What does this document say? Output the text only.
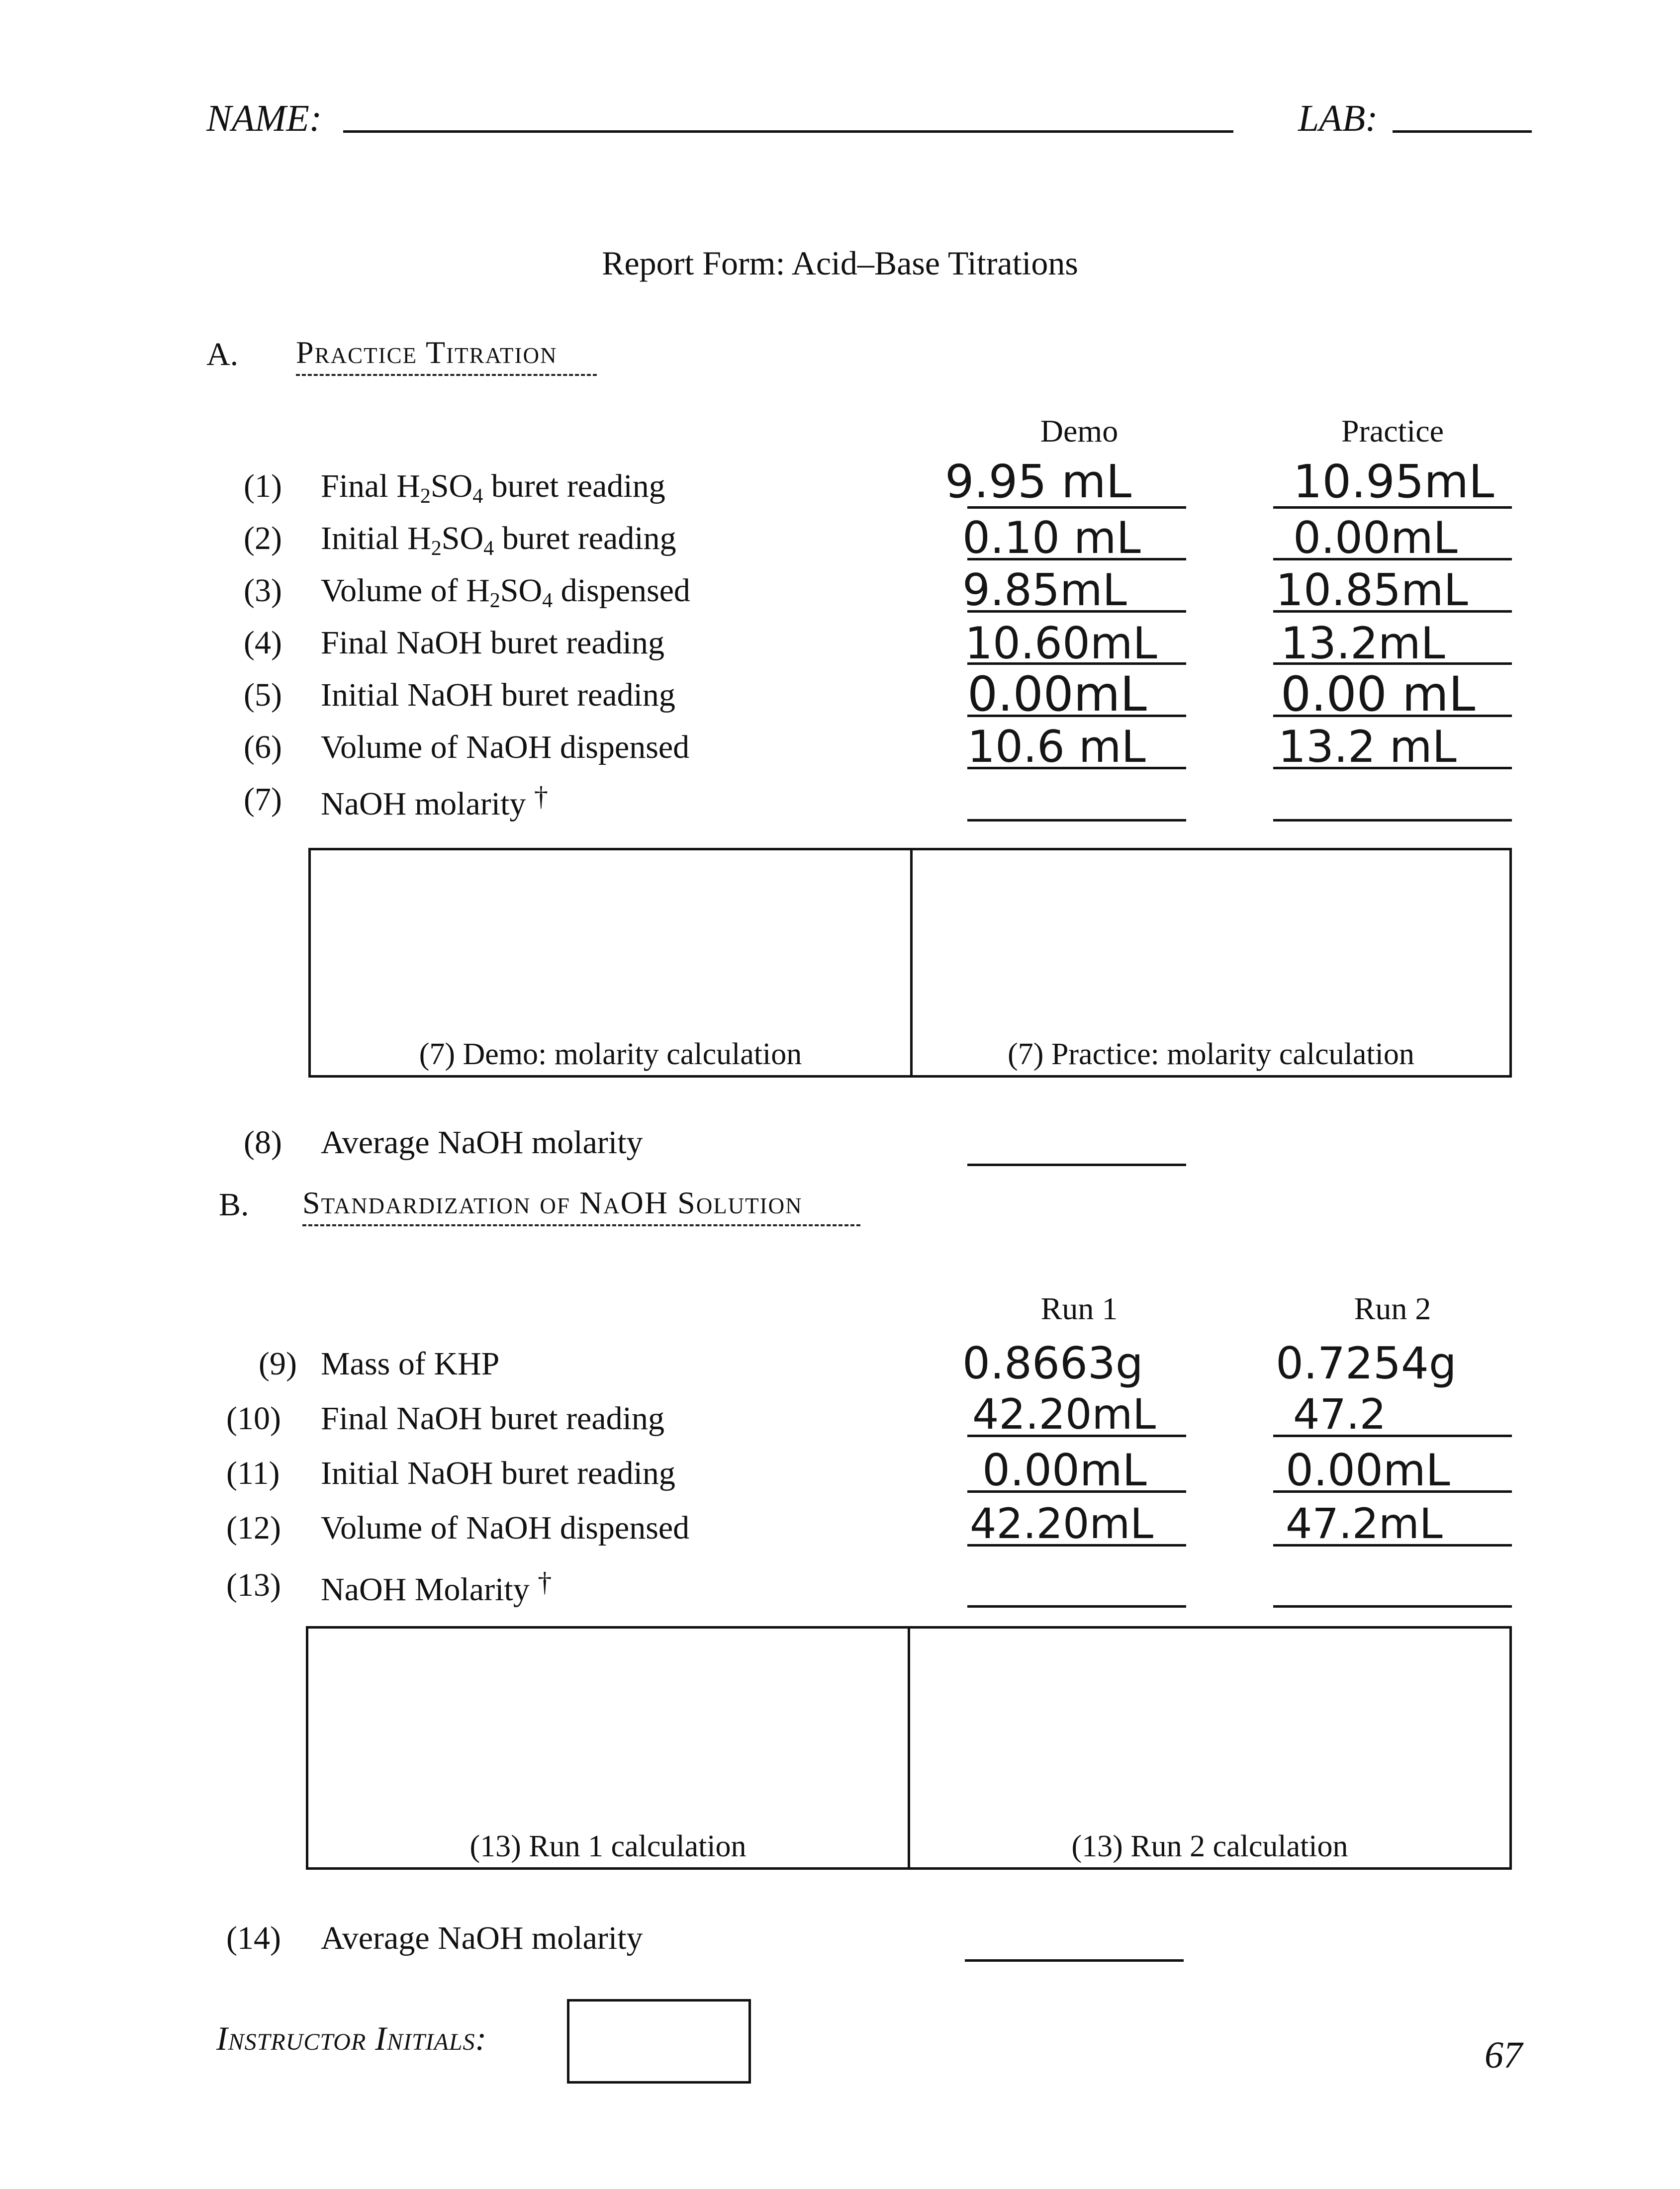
NAME:	LAB:
Report Form: Acid–Base Titrations
A. Practice Titration
Demo	Practice
(1) Final $H_2SO_4$ buret reading	9.95 mL	10.95mL
(2) Initial $H_2SO_4$ buret reading	0.10 mL	0.00mL
(3) Volume of $H_2SO_4$ dispensed	9.85mL	10.85mL
(4) Final NaOH buret reading	10.60mL	13.2mL
(5) Initial NaOH buret reading	0.00mL	0.00 mL
(6) Volume of NaOH dispensed	10.6 mL	13.2 mL
(7) NaOH molarity †
(7) Demo: molarity calculation	(7) Practice: molarity calculation
(8) Average NaOH molarity
B. Standardization of NaOH Solution
Run 1	Run 2
(9) Mass of KHP	0.8663g	0.7254g
(10) Final NaOH buret reading	42.20mL	47.2
(11) Initial NaOH buret reading	0.00mL	0.00mL
(12) Volume of NaOH dispensed	42.20mL	47.2mL
(13) NaOH Molarity †
(13) Run 1 calculation	(13) Run 2 calculation
(14) Average NaOH molarity
Instructor Initials:	67
